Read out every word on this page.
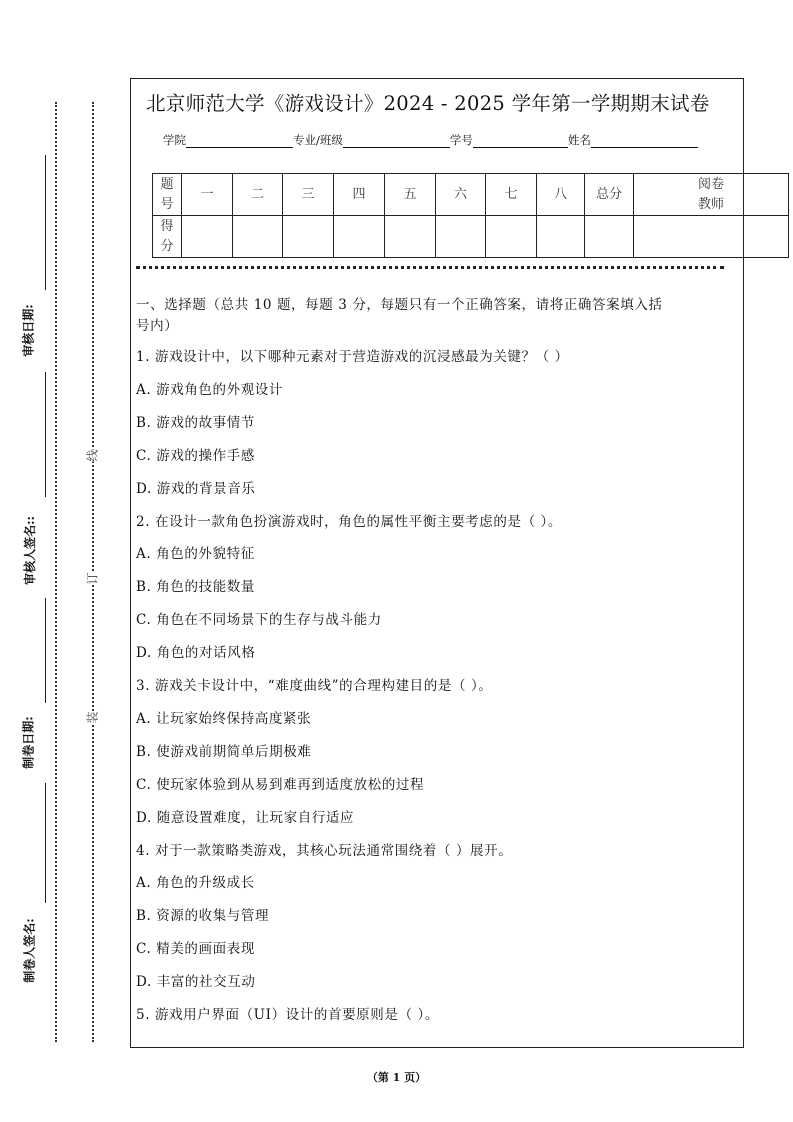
审核日期:
审核人签名::
制卷日期:
制卷人签名:
线
订
装
北京师范大学《游戏设计》2024 - 2025 学年第一学期期末试卷
学院	专业/班级	学号	姓名
题
号	一	二	三	四	五	六	七	八	总分	阅卷
教师
得
分										
一、选择题（总共 10 题，每题 3 分，每题只有一个正确答案，请将正确答案填入括
号内）
1. 游戏设计中，以下哪种元素对于营造游戏的沉浸感最为关键？（ ）
A. 游戏角色的外观设计
B. 游戏的故事情节
C. 游戏的操作手感
D. 游戏的背景音乐
2. 在设计一款角色扮演游戏时，角色的属性平衡主要考虑的是（ ）。
A. 角色的外貌特征
B. 角色的技能数量
C. 角色在不同场景下的生存与战斗能力
D. 角色的对话风格
3. 游戏关卡设计中，“难度曲线”的合理构建目的是（ ）。
A. 让玩家始终保持高度紧张
B. 使游戏前期简单后期极难
C. 使玩家体验到从易到难再到适度放松的过程
D. 随意设置难度，让玩家自行适应
4. 对于一款策略类游戏，其核心玩法通常围绕着（ ）展开。
A. 角色的升级成长
B. 资源的收集与管理
C. 精美的画面表现
D. 丰富的社交互动
5. 游戏用户界面（UI）设计的首要原则是（ ）。
（第 1 页）
